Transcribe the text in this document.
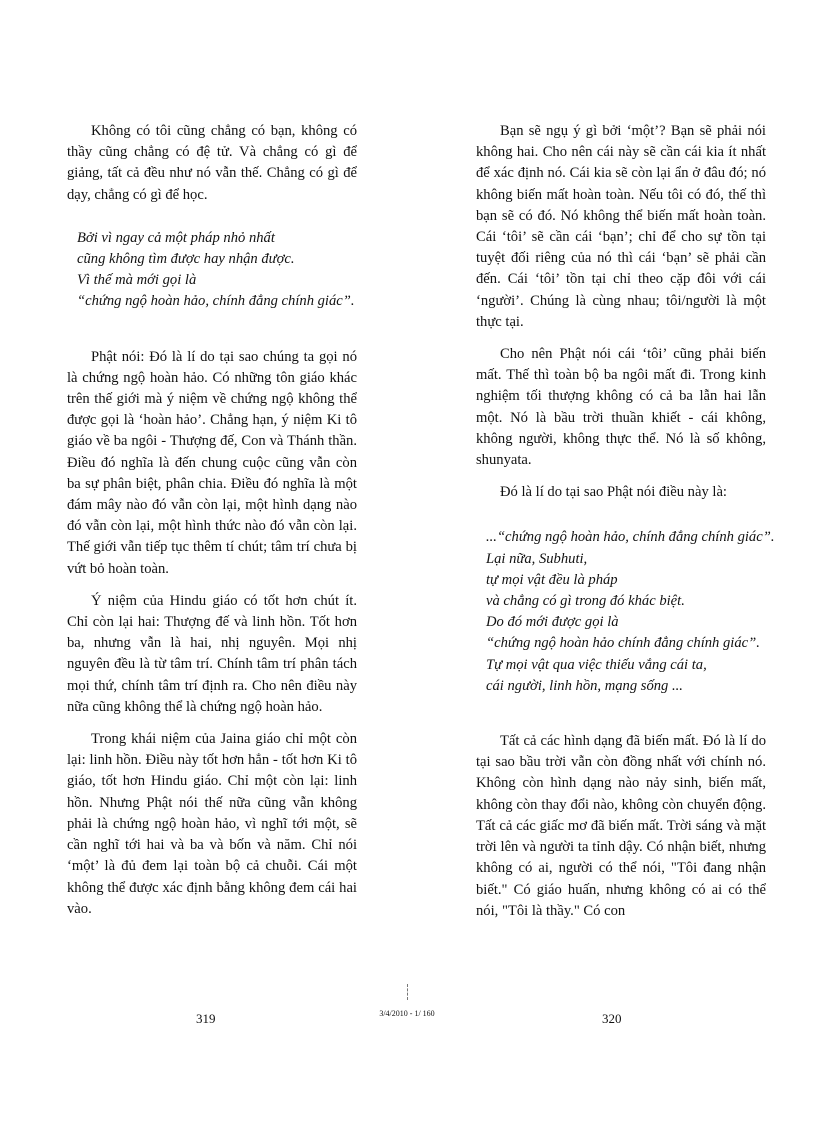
Không có tôi cũng chẳng có bạn, không có thầy cũng chẳng có đệ tử. Và chẳng có gì để giảng, tất cả đều như nó vẫn thế. Chẳng có gì để dạy, chẳng có gì để học.

Bởi vì ngay cả một pháp nhỏ nhất
cũng không tìm được hay nhận được.
Vì thế mà mới gọi là
“chứng ngộ hoàn hảo, chính đẳng chính giác”.

Phật nói: Đó là lí do tại sao chúng ta gọi nó là chứng ngộ hoàn hảo. Có những tôn giáo khác trên thế giới mà ý niệm về chứng ngộ không thể được gọi là ‘hoàn hảo’. Chẳng hạn, ý niệm Ki tô giáo về ba ngôi - Thượng đế, Con và Thánh thần. Điều đó nghĩa là đến chung cuộc cũng vẫn còn ba sự phân biệt, phân chia. Điều đó nghĩa là một đám mây nào đó vẫn còn lại, một hình dạng nào đó vẫn còn lại, một hình thức nào đó vẫn còn lại. Thế giới vẫn tiếp tục thêm tí chút; tâm trí chưa bị vứt bỏ hoàn toàn.

Ý niệm của Hindu giáo có tốt hơn chút ít. Chỉ còn lại hai: Thượng đế và linh hồn. Tốt hơn ba, nhưng vẫn là hai, nhị nguyên. Mọi nhị nguyên đều là từ tâm trí. Chính tâm trí phân tách mọi thứ, chính tâm trí định ra. Cho nên điều này nữa cũng không thể là chứng ngộ hoàn hảo.

Trong khái niệm của Jaina giáo chỉ một còn lại: linh hồn. Điều này tốt hơn hẳn - tốt hơn Ki tô giáo, tốt hơn Hindu giáo. Chỉ một còn lại: linh hồn. Nhưng Phật nói thế nữa cũng vẫn không phải là chứng ngộ hoàn hảo, vì nghĩ tới một, sẽ cần nghĩ tới hai và ba và bốn và năm. Chỉ nói ‘một’ là đủ đem lại toàn bộ cả chuỗi. Cái một không thể được xác định bằng không đem cái hai vào.

Bạn sẽ ngụ ý gì bởi ‘một’? Bạn sẽ phải nói không hai. Cho nên cái này sẽ cần cái kia ít nhất để xác định nó. Cái kia sẽ còn lại ẩn ở đâu đó; nó không biến mất hoàn toàn. Nếu tôi có đó, thế thì bạn sẽ có đó. Nó không thể biến mất hoàn toàn. Cái ‘tôi’ sẽ cần cái ‘bạn’; chỉ để cho sự tồn tại tuyệt đối riêng của nó thì cái ‘bạn’ sẽ phải cần đến. Cái ‘tôi’ tồn tại chỉ theo cặp đôi với cái ‘người’. Chúng là cùng nhau; tôi/người là một thực tại.

Cho nên Phật nói cái ‘tôi’ cũng phải biến mất. Thế thì toàn bộ ba ngôi mất đi. Trong kinh nghiệm tối thượng không có cả ba lẫn hai lẫn một. Nó là bầu trời thuần khiết - cái không, không người, không thực thể. Nó là số không, shunyata.

Đó là lí do tại sao Phật nói điều này là:

...“chứng ngộ hoàn hảo, chính đẳng chính giác”.
Lại nữa, Subhuti,
tự mọi vật đều là pháp
và chẳng có gì trong đó khác biệt.
Do đó mới được gọi là
“chứng ngộ hoàn hảo chính đẳng chính giác”.
Tự mọi vật qua việc thiếu vắng cái ta,
cái người, linh hồn, mạng sống ...

Tất cả các hình dạng đã biến mất. Đó là lí do tại sao bầu trời vẫn còn đồng nhất với chính nó. Không còn hình dạng nào nảy sinh, biến mất, không còn thay đổi nào, không còn chuyển động. Tất cả các giấc mơ đã biến mất. Trời sáng và mặt trời lên và người ta tỉnh dậy. Có nhận biết, nhưng không có ai, người có thể nói, "Tôi đang nhận biết." Có giáo huấn, nhưng không có ai có thể nói, "Tôi là thầy." Có con

319	3/4/2010 - 1/ 160	320
